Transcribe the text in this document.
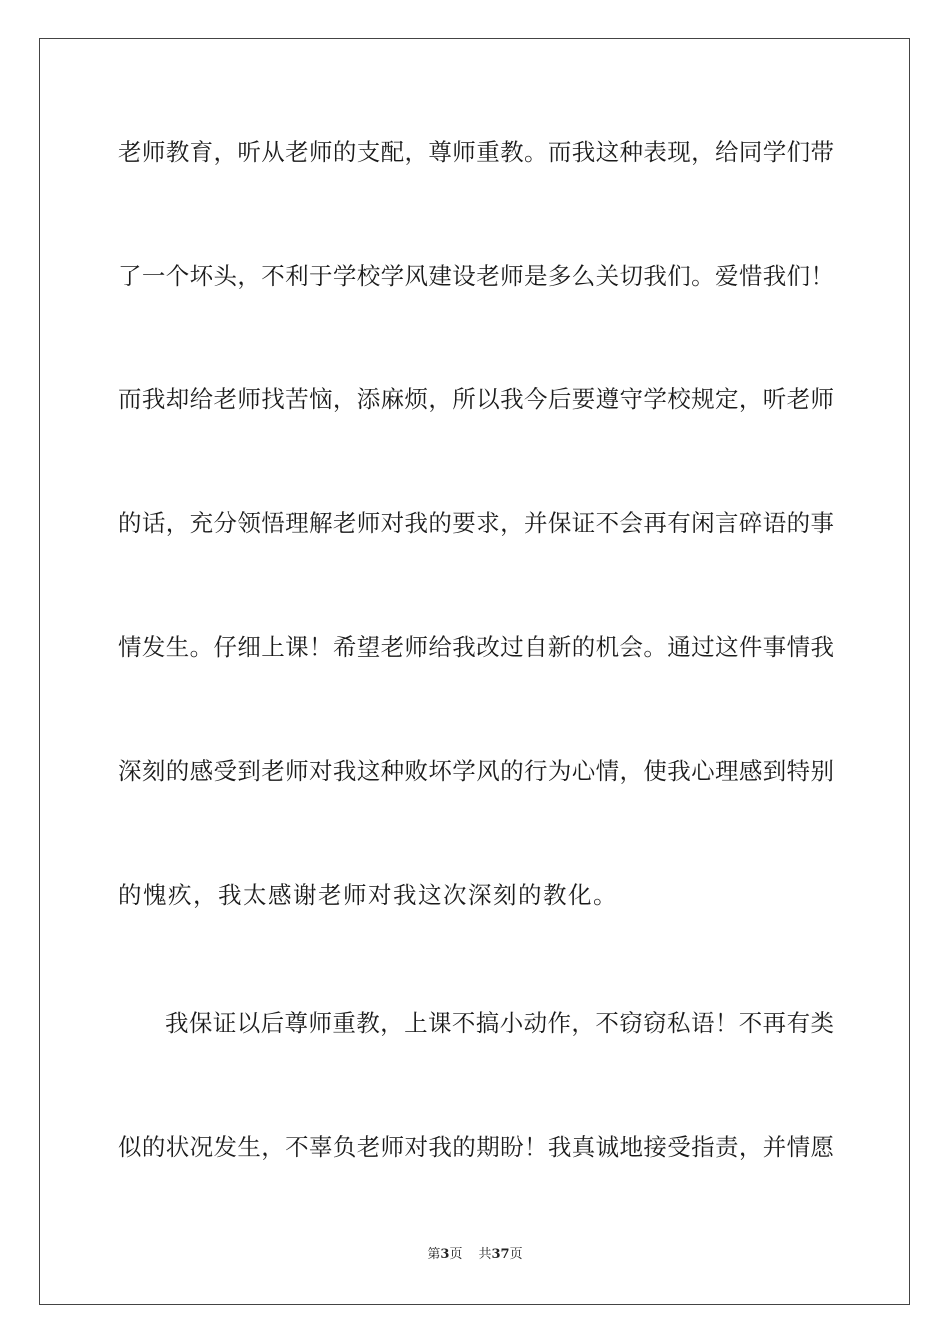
老师教育，听从老师的支配，尊师重教。而我这种表现，给同学们带
了一个坏头，不利于学校学风建设老师是多么关切我们。爱惜我们！
而我却给老师找苦恼，添麻烦，所以我今后要遵守学校规定，听老师
的话，充分领悟理解老师对我的要求，并保证不会再有闲言碎语的事
情发生。仔细上课！希望老师给我改过自新的机会。通过这件事情我
深刻的感受到老师对我这种败坏学风的行为心情，使我心理感到特别
的愧疚，我太感谢老师对我这次深刻的教化。
我保证以后尊师重教，上课不搞小动作，不窃窃私语！不再有类
似的状况发生，不辜负老师对我的期盼！我真诚地接受指责，并情愿
第3页 共37页
